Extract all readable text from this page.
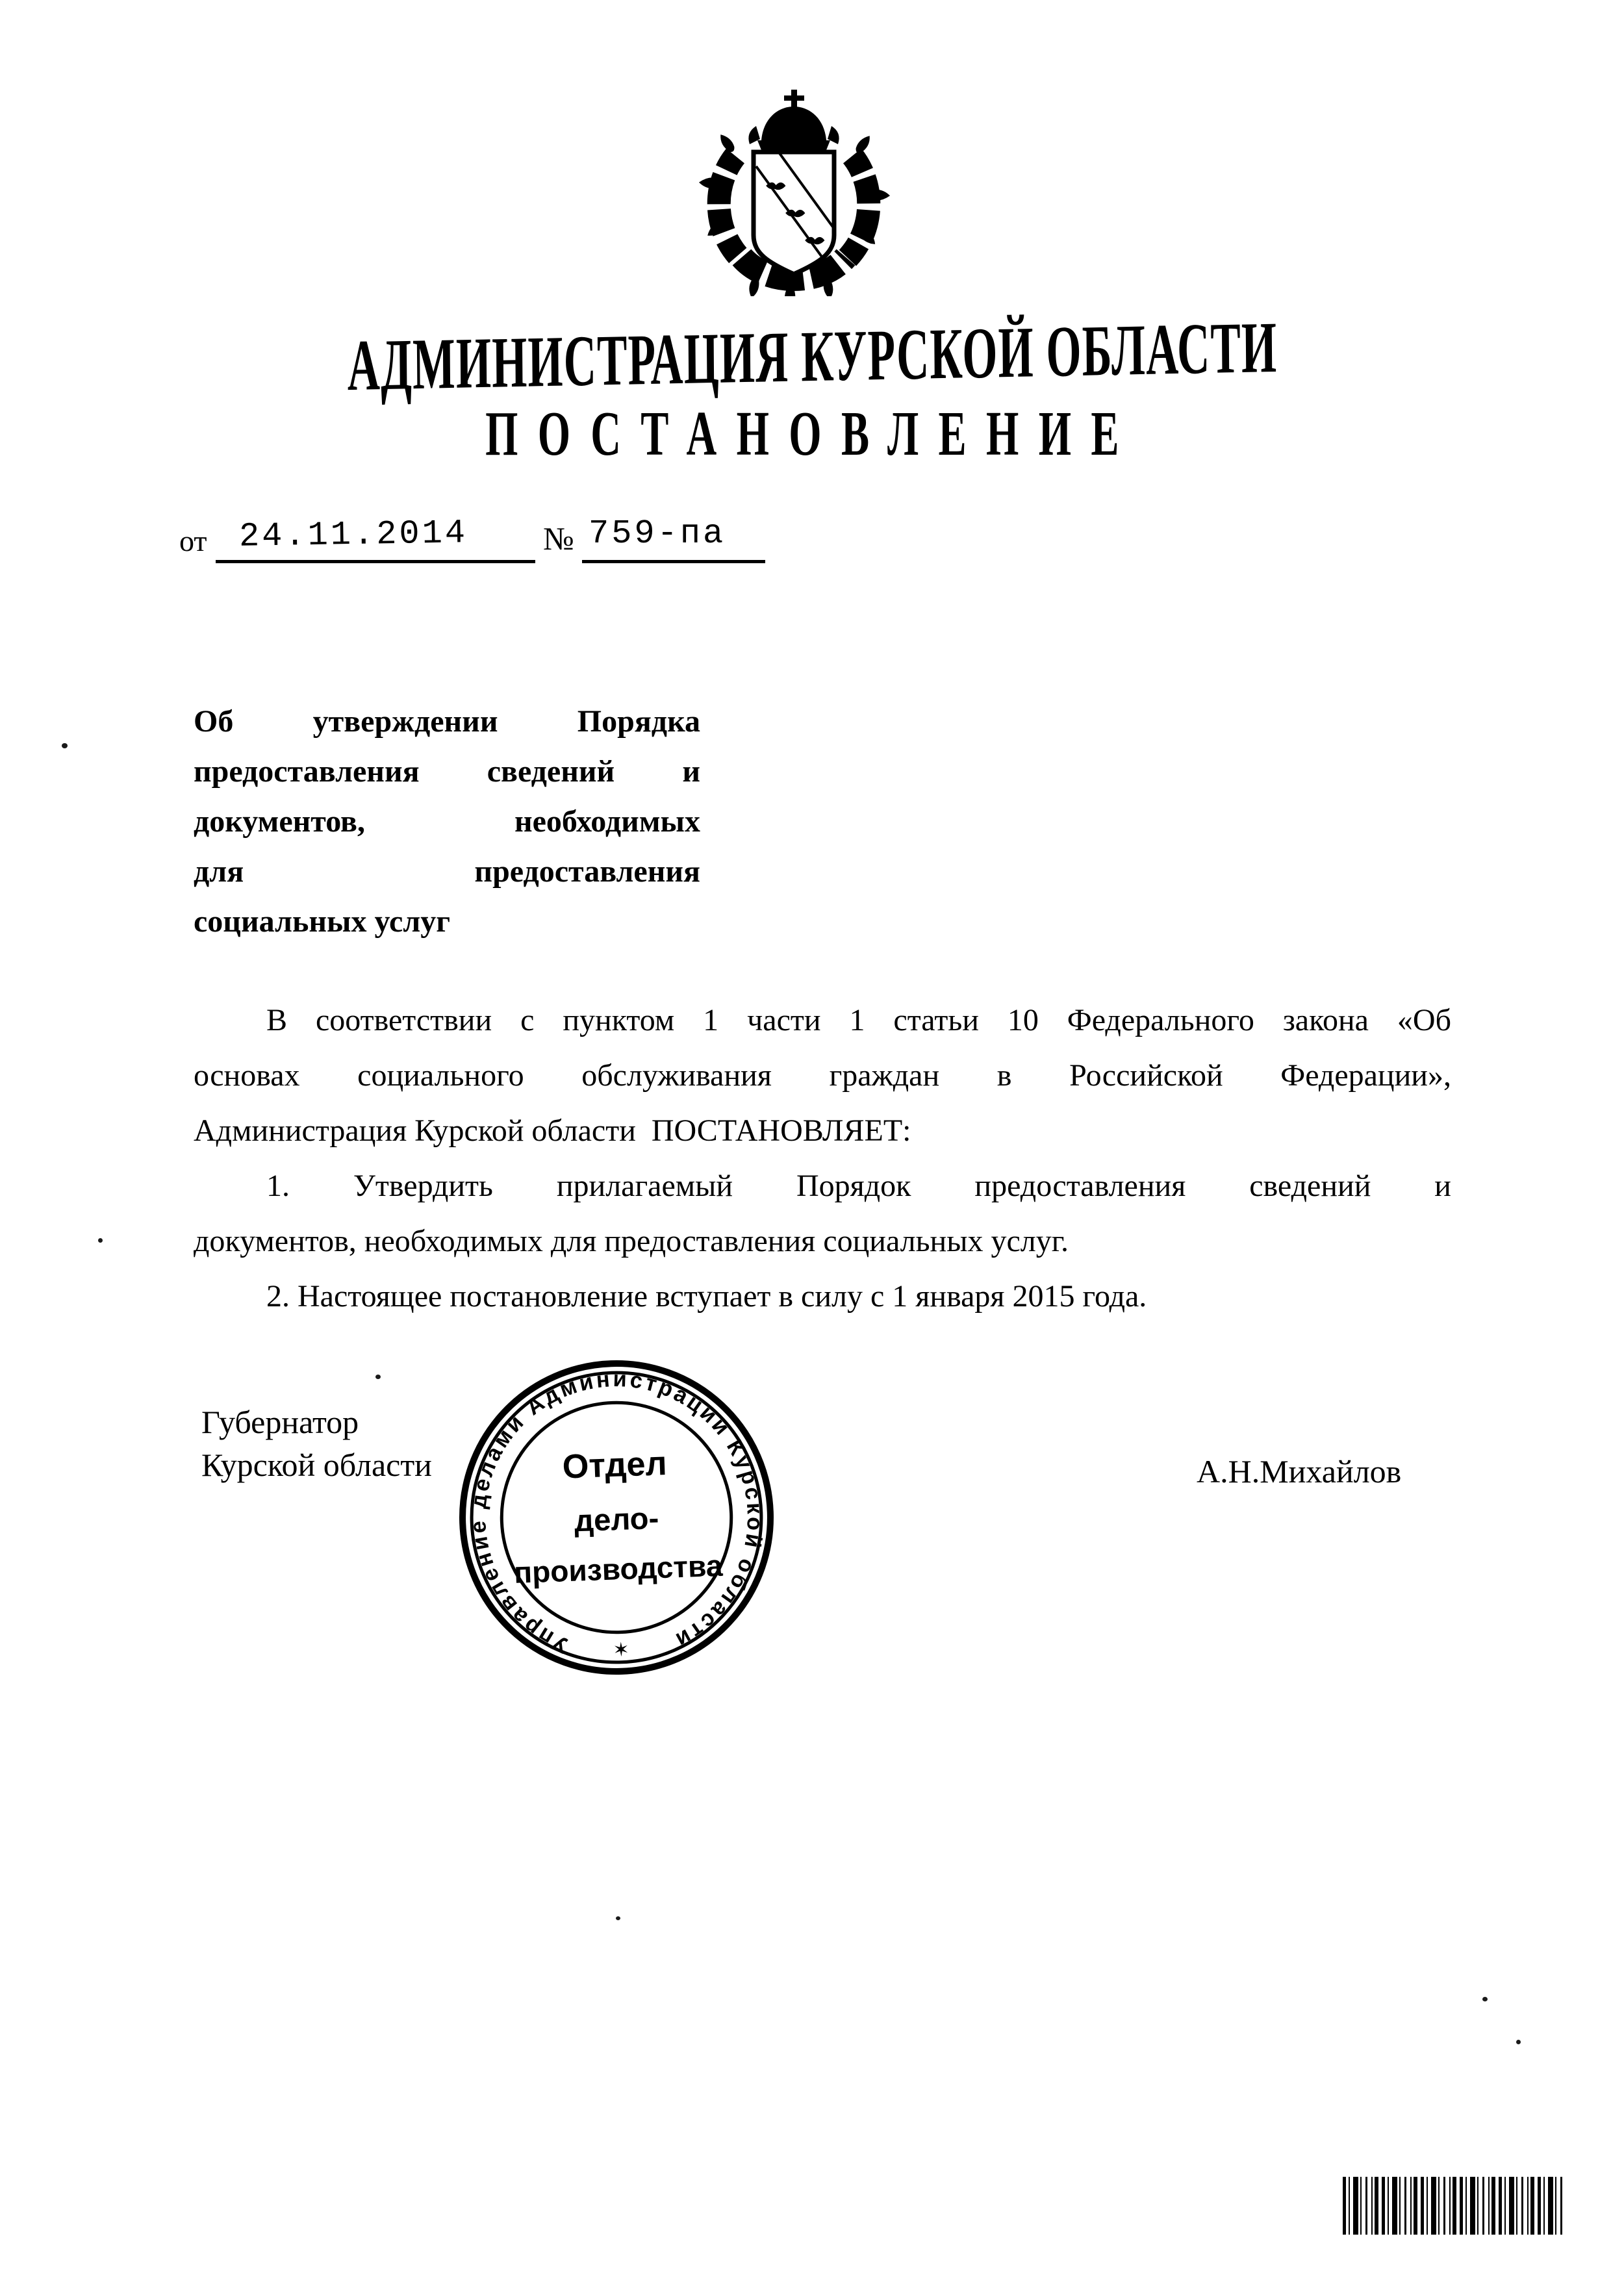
АДМИНИСТРАЦИЯ КУРСКОЙ ОБЛАСТИ
ПОСТАНОВЛЕНИЕ
от 24.11.2014 № 759-па
Об утверждении Порядка
предоставления сведений и
документов, необходимых
для предоставления
социальных услуг
В соответствии с пунктом 1 части 1 статьи 10 Федерального закона «Об
основах социального обслуживания граждан в Российской Федерации»,
Администрация Курской области  ПОСТАНОВЛЯЕТ:
1. Утвердить прилагаемый Порядок предоставления сведений и
документов, необходимых для предоставления социальных услуг.
2. Настоящее постановление вступает в силу с 1 января 2015 года.
Губернатор
Курской области	А.Н.Михайлов
Управление делами Администрации Курской области
Отдел
дело-
производства
✶
